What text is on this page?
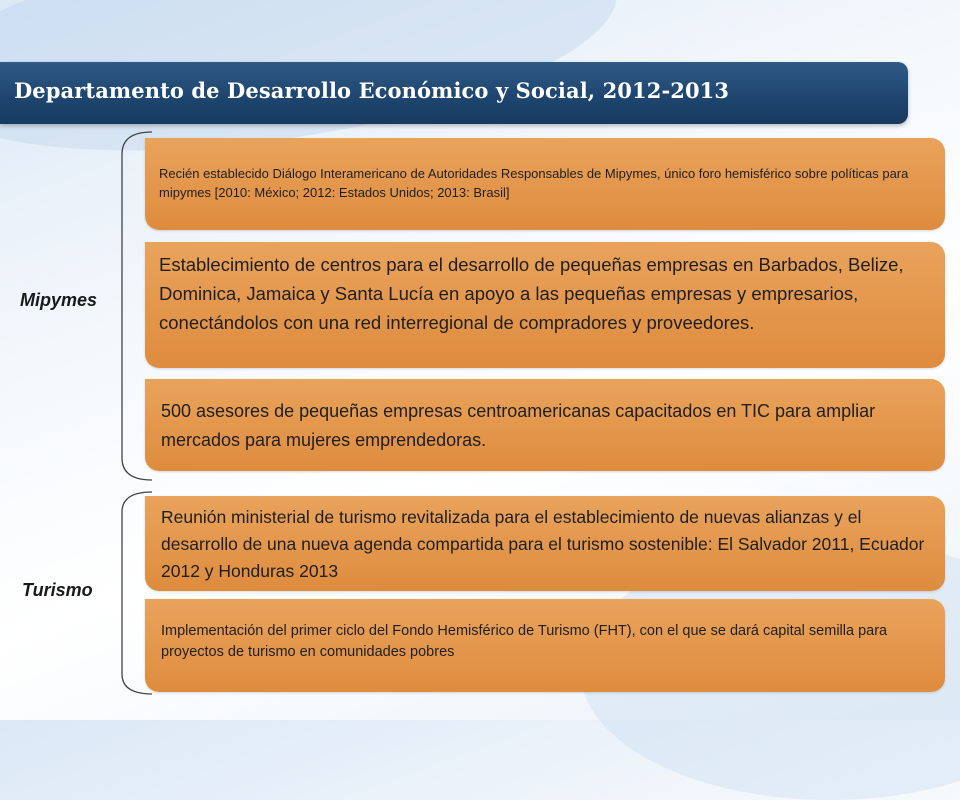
Departamento de Desarrollo Económico y Social, 2012-2013
Mipymes
Turismo

Recién establecido Diálogo Interamericano de Autoridades Responsables de Mipymes, único foro hemisférico sobre políticas para mipymes [2010: México; 2012: Estados Unidos; 2013: Brasil]

Establecimiento de centros para el desarrollo de pequeñas empresas en Barbados, Belize, Dominica, Jamaica y Santa Lucía en apoyo a las pequeñas empresas y empresarios, conectándolos con una red interregional de compradores y proveedores.

500 asesores de pequeñas empresas centroamericanas capacitados en TIC para ampliar mercados para mujeres emprendedoras.

Reunión ministerial de turismo revitalizada para el establecimiento de nuevas alianzas y el desarrollo de una nueva agenda compartida para el turismo sostenible: El Salvador 2011, Ecuador 2012 y Honduras 2013

Implementación del primer ciclo del Fondo Hemisférico de Turismo (FHT), con el que se dará capital semilla para proyectos de turismo en comunidades pobres
